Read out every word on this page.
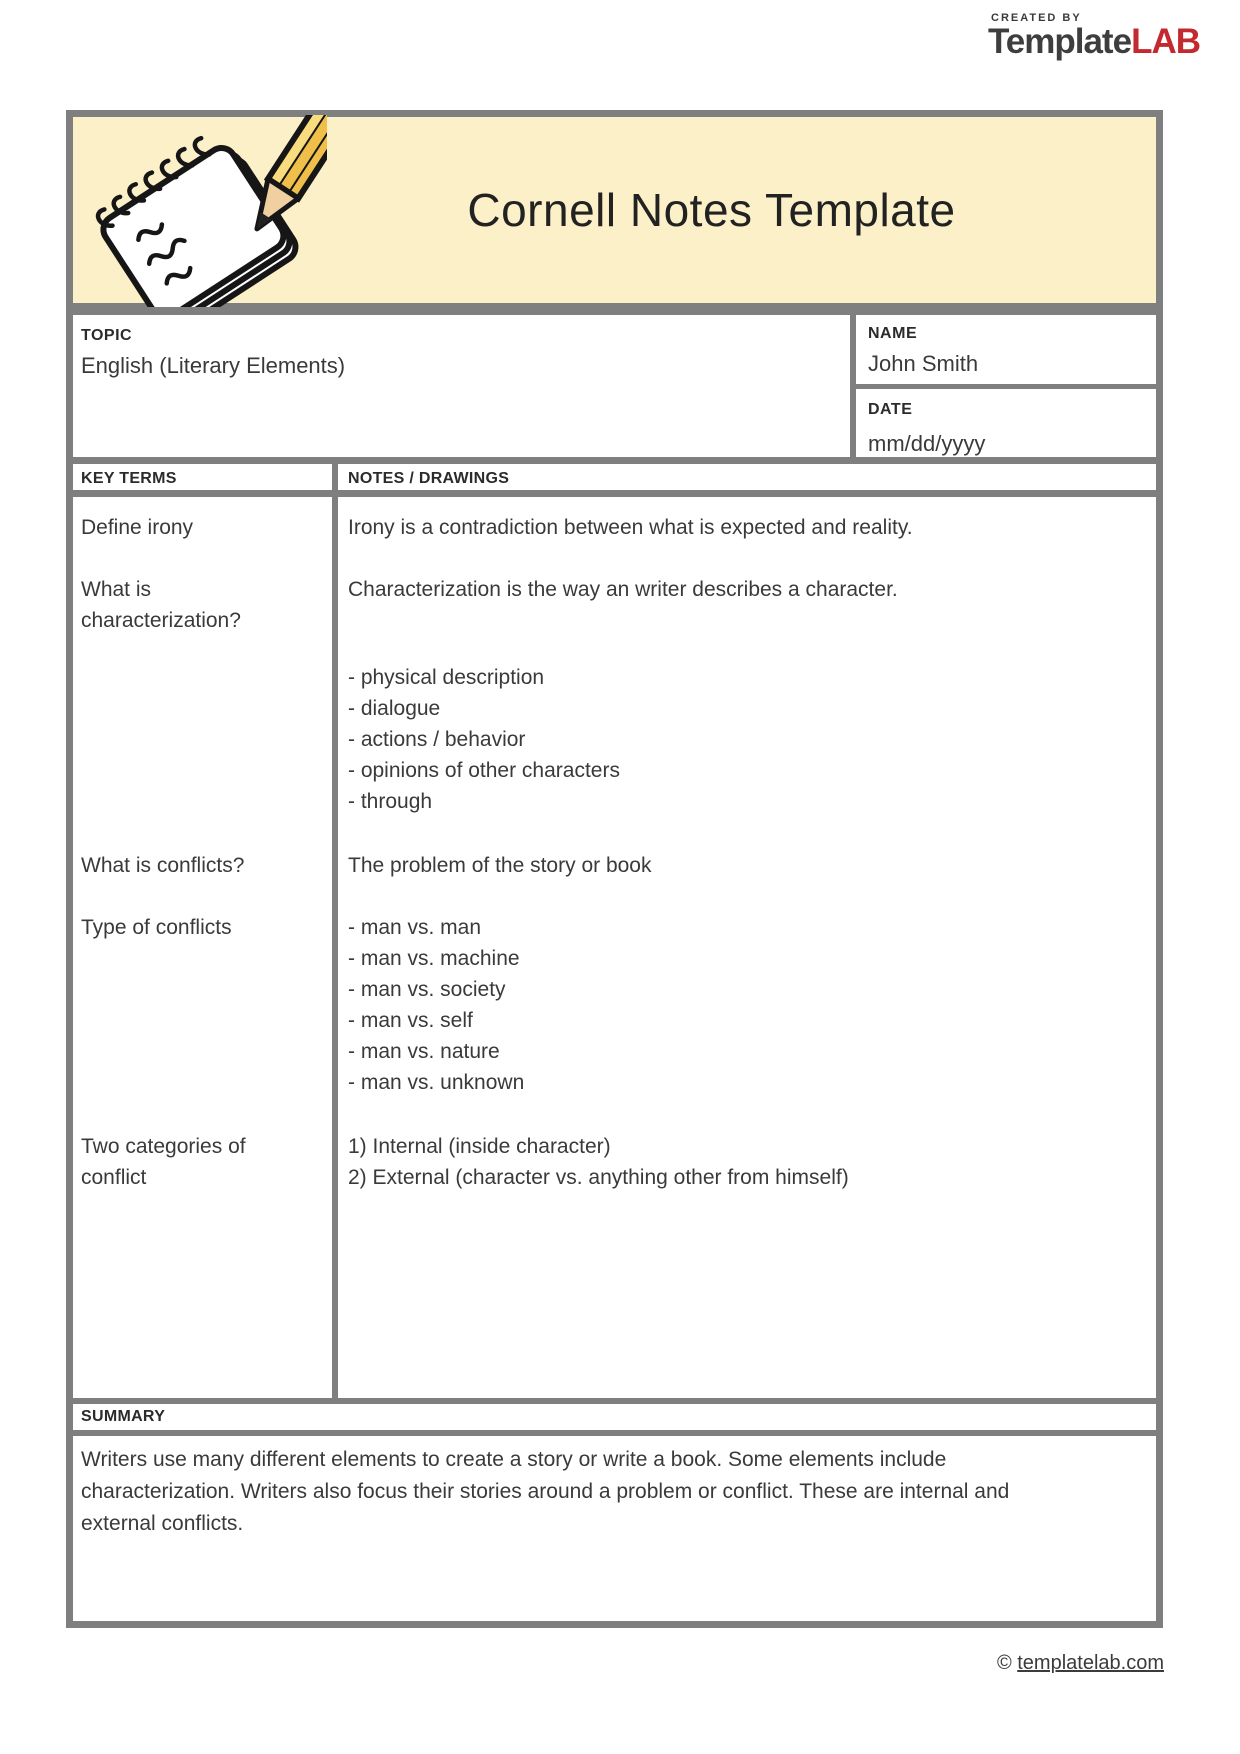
CREATED BY
TemplateLAB
Cornell Notes Template
TOPIC
English (Literary Elements)
NAME
John Smith
DATE
mm/dd/yyyy
KEY TERMS	NOTES / DRAWINGS
Define irony
What is
characterization?
What is conflicts?
Type of conflicts
Two categories of
conflict
Irony is a contradiction between what is expected and reality.
Characterization is the way an writer describes a character.
- physical description
- dialogue
- actions / behavior
- opinions of other characters
- through
The problem of the story or book
- man vs. man
- man vs. machine
- man vs. society
- man vs. self
- man vs. nature
- man vs. unknown
1) Internal (inside character)
2) External (character vs. anything other from himself)
SUMMARY
Writers use many different elements to create a story or write a book. Some elements include characterization. Writers also focus their stories around a problem or conflict. These are internal and external conflicts.
© templatelab.com
